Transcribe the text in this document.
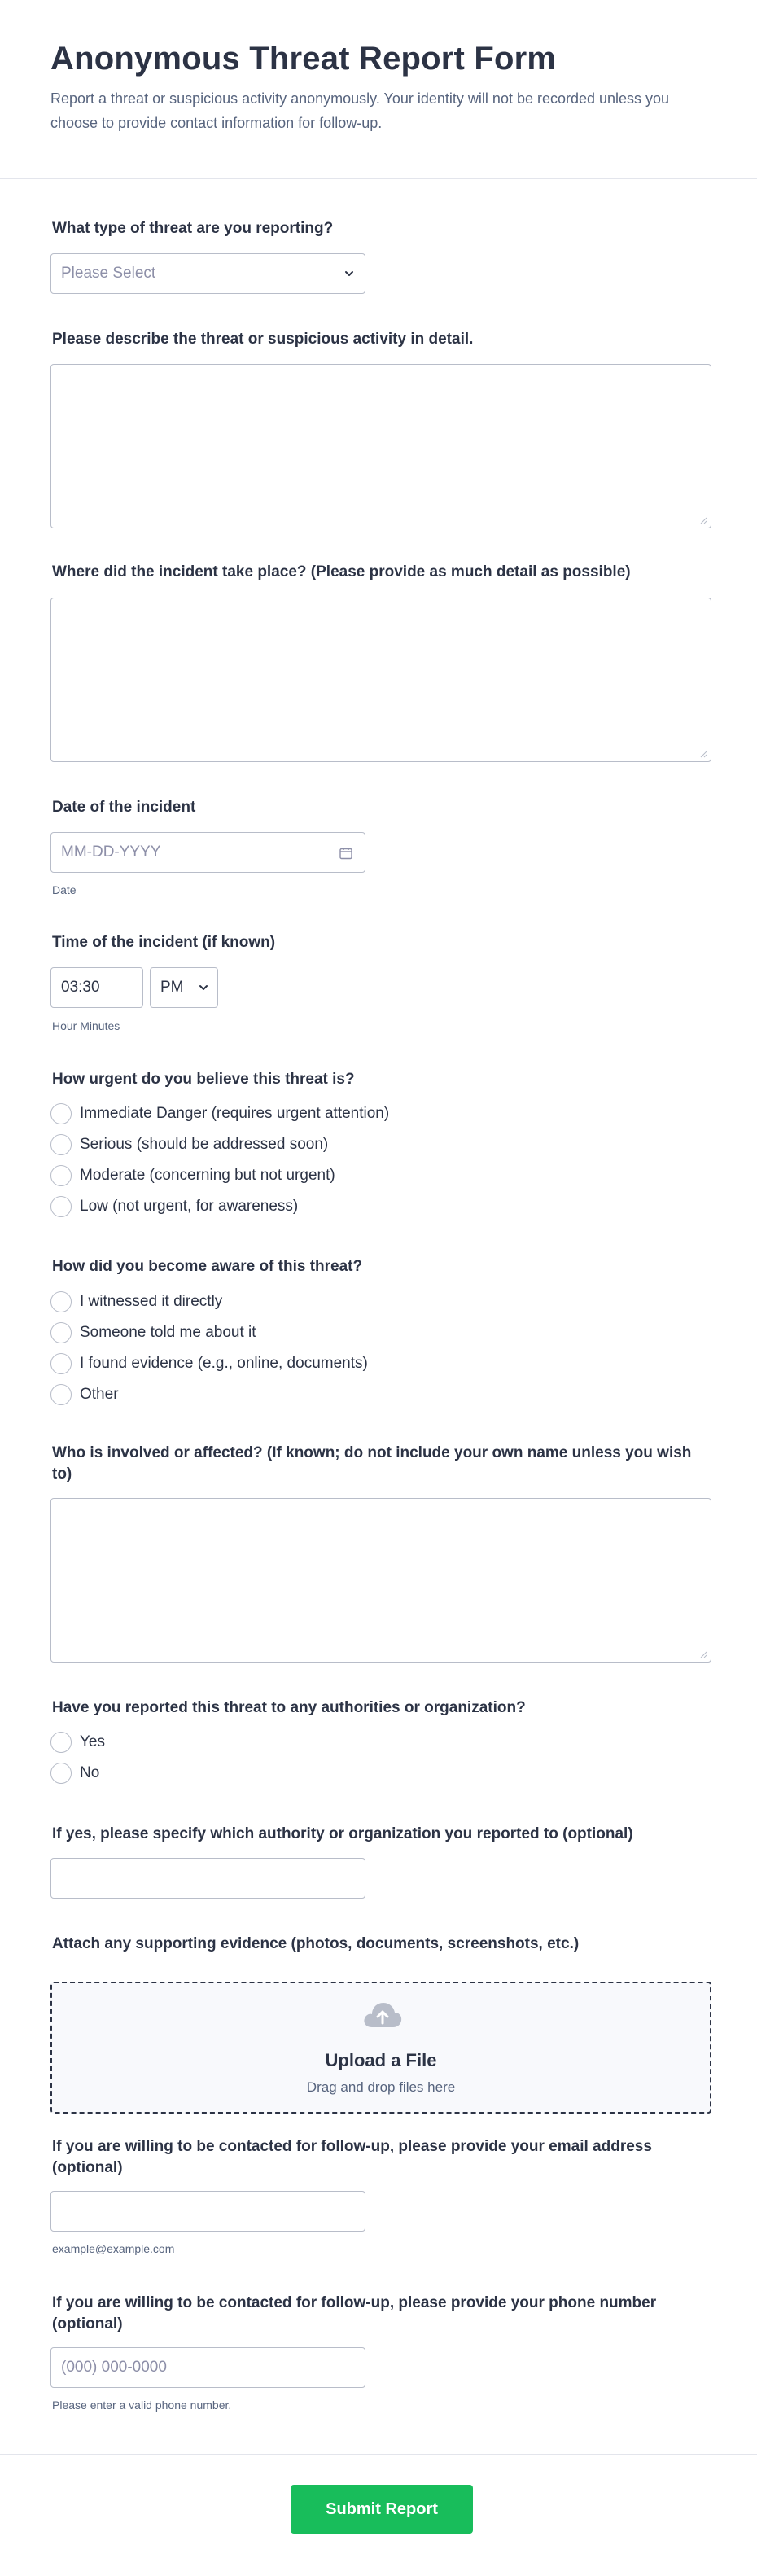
Anonymous Threat Report Form

Report a threat or suspicious activity anonymously. Your identity will not be recorded unless you choose to provide contact information for follow-up.

What type of threat are you reporting?
Please Select
Please describe the threat or suspicious activity in detail.
Where did the incident take place? (Please provide as much detail as possible)
Date of the incident
MM-DD-YYYY
Date
Time of the incident (if known)
03:30	PM
Hour Minutes
How urgent do you believe this threat is?
Immediate Danger (requires urgent attention)
Serious (should be addressed soon)
Moderate (concerning but not urgent)
Low (not urgent, for awareness)
How did you become aware of this threat?
I witnessed it directly
Someone told me about it
I found evidence (e.g., online, documents)
Other
Who is involved or affected? (If known; do not include your own name unless you wish to)
Have you reported this threat to any authorities or organization?
Yes
No
If yes, please specify which authority or organization you reported to (optional)
Attach any supporting evidence (photos, documents, screenshots, etc.)
Upload a File
Drag and drop files here
If you are willing to be contacted for follow-up, please provide your email address (optional)
example@example.com
If you are willing to be contacted for follow-up, please provide your phone number (optional)
(000) 000-0000
Please enter a valid phone number.
Submit Report
